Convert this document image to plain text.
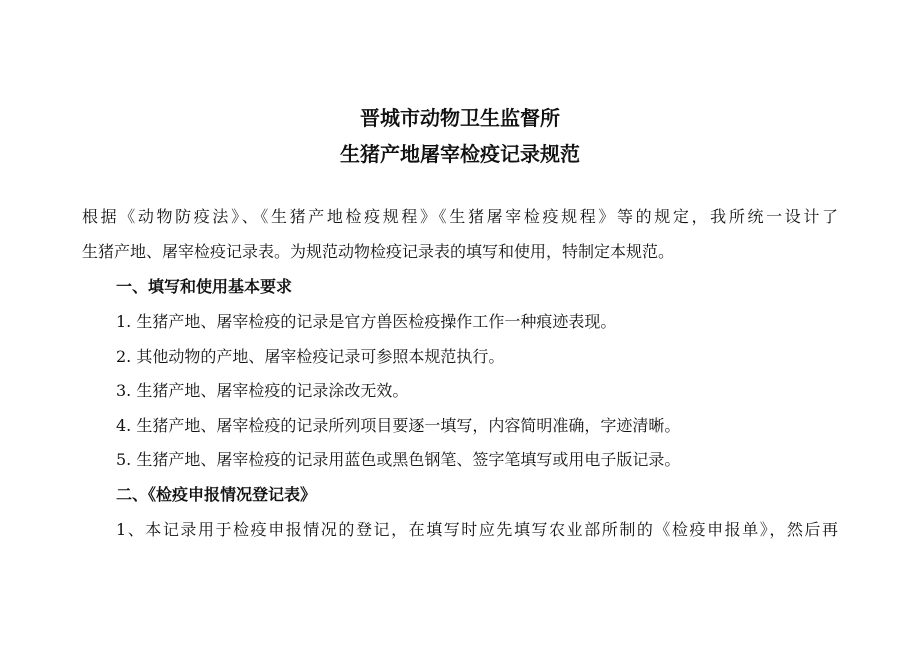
晋城市动物卫生监督所
生猪产地屠宰检疫记录规范

根据《动物防疫法》、《生猪产地检疫规程》《生猪屠宰检疫规程》等的规定，我所统一设计了

生猪产地、屠宰检疫记录表。为规范动物检疫记录表的填写和使用，特制定本规范。

一、填写和使用基本要求

1. 生猪产地、屠宰检疫的记录是官方兽医检疫操作工作一种痕迹表现。

2. 其他动物的产地、屠宰检疫记录可参照本规范执行。

3. 生猪产地、屠宰检疫的记录涂改无效。

4. 生猪产地、屠宰检疫的记录所列项目要逐一填写，内容简明准确，字迹清晰。

5. 生猪产地、屠宰检疫的记录用蓝色或黑色钢笔、签字笔填写或用电子版记录。

二、《检疫申报情况登记表》

1、本记录用于检疫申报情况的登记，在填写时应先填写农业部所制的《检疫申报单》，然后再
